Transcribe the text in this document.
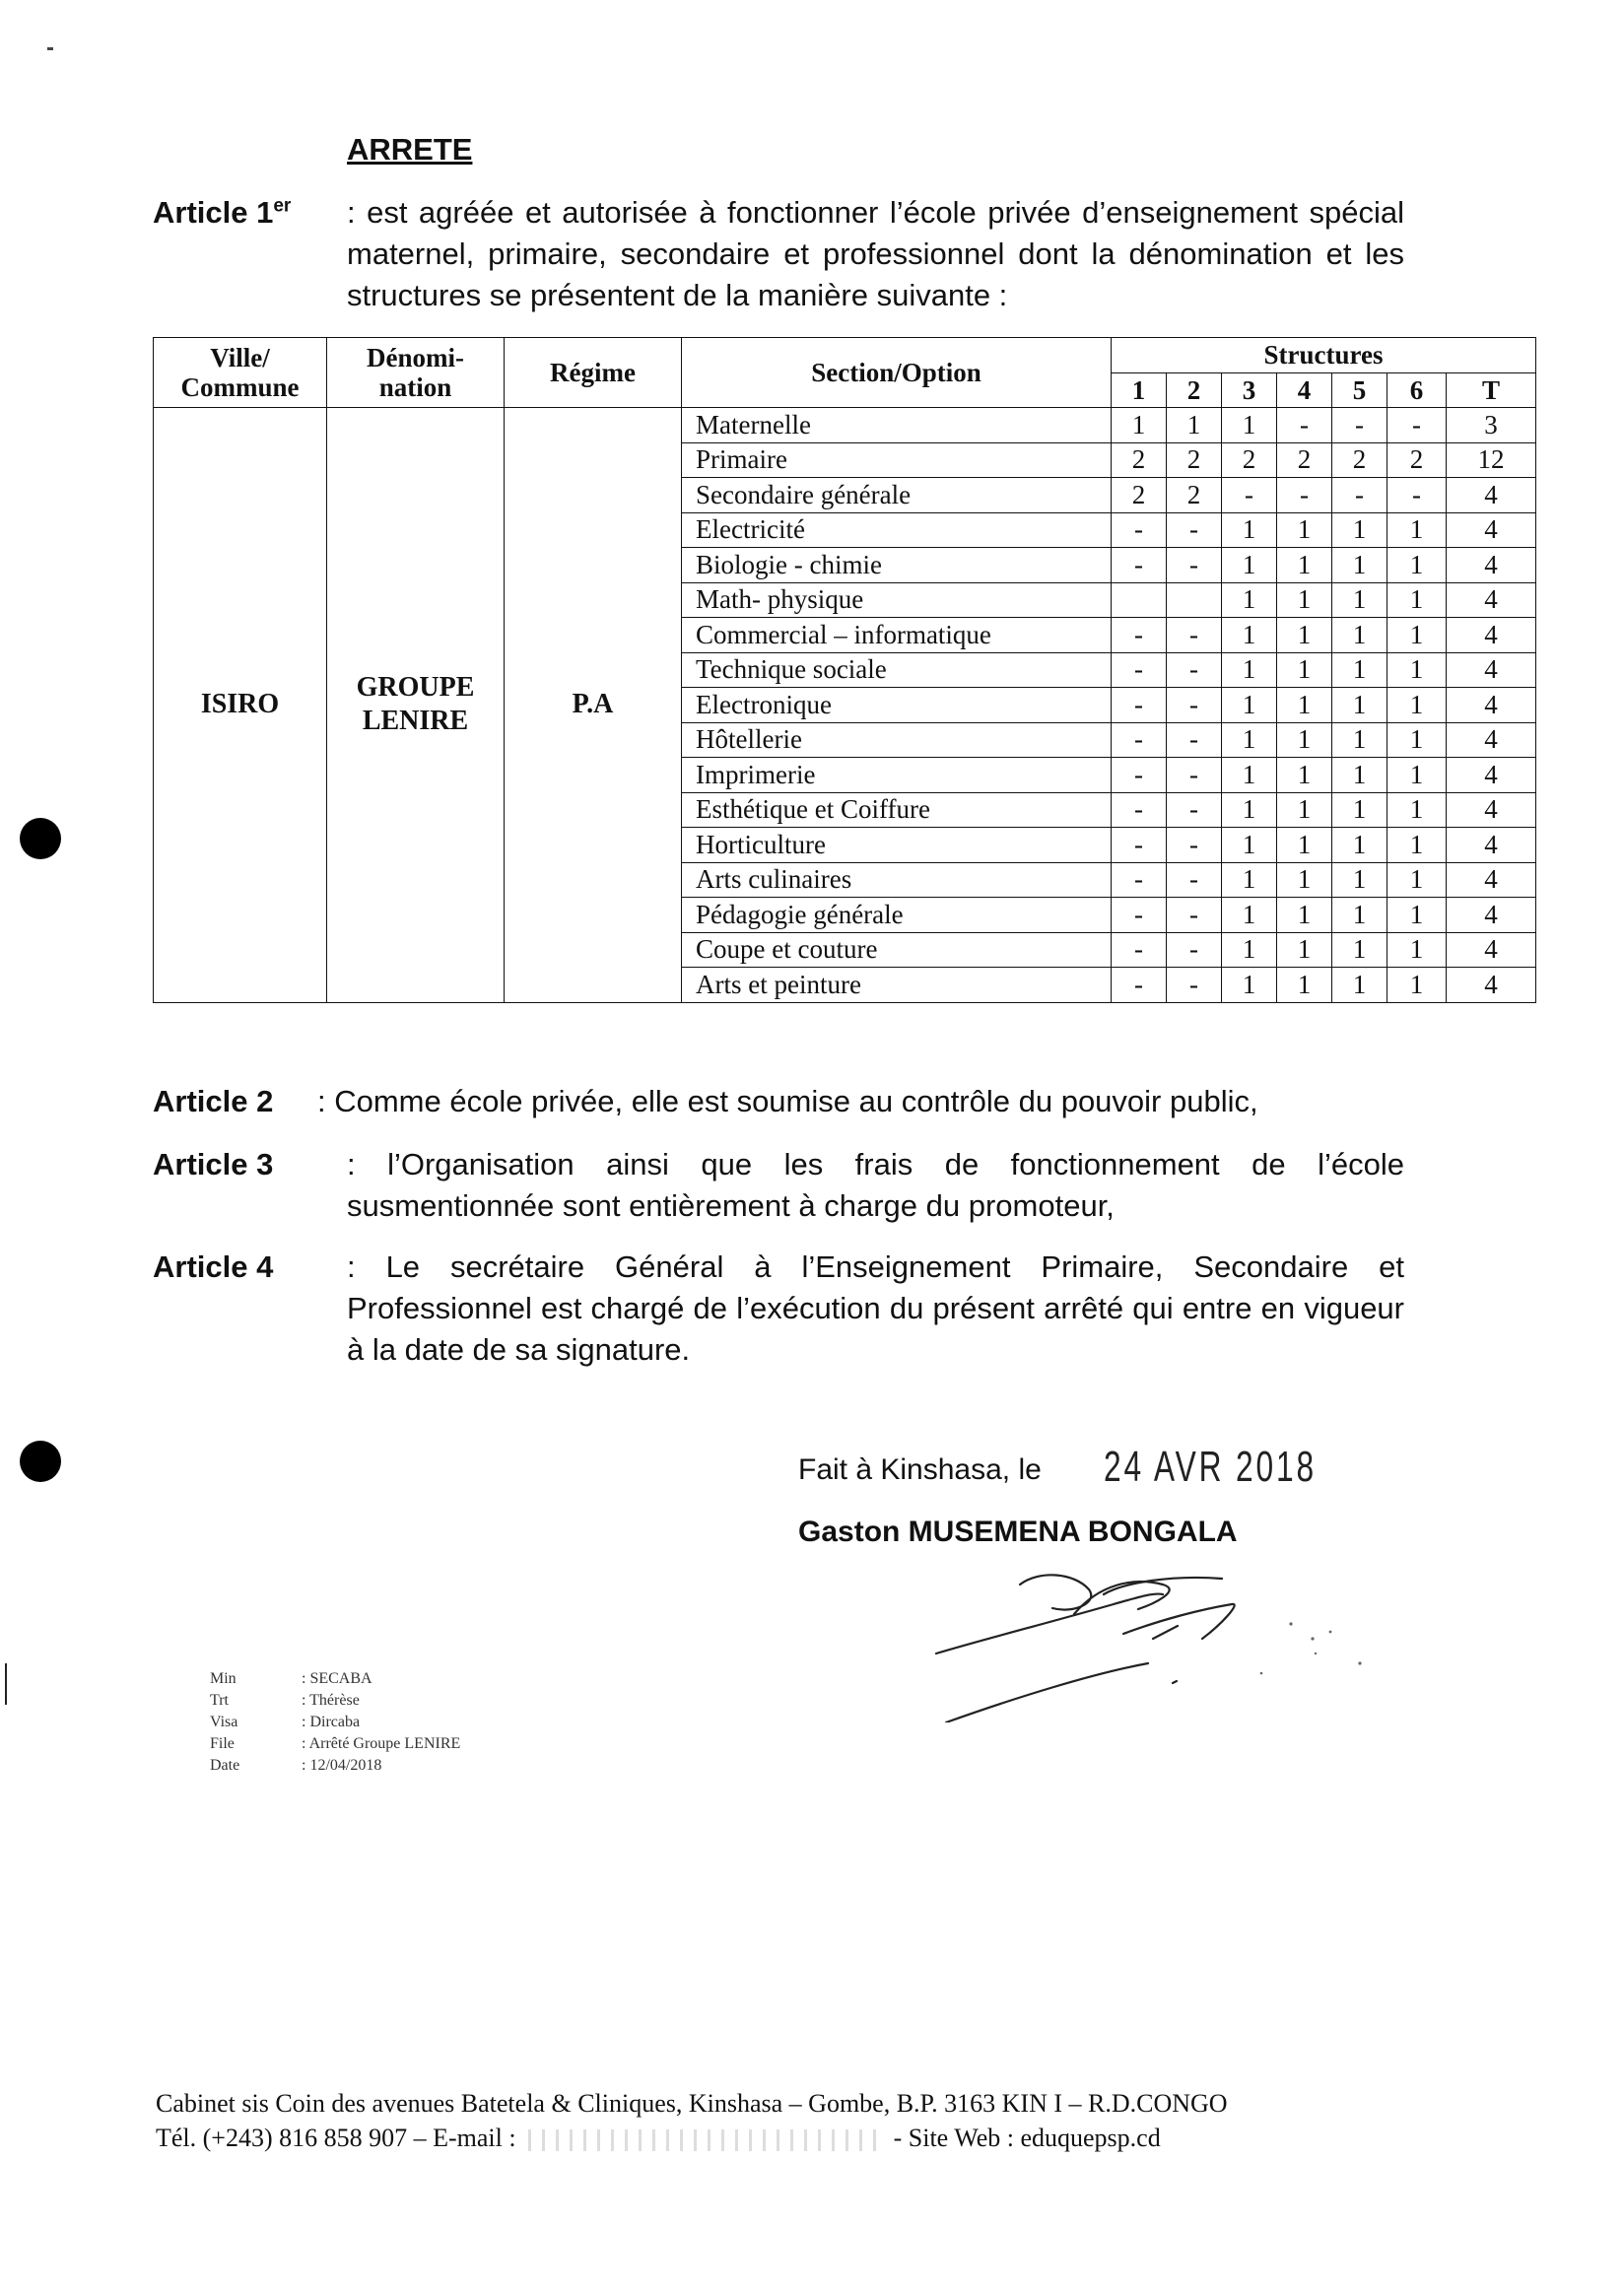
ARRETE
Article 1er : est agréée et autorisée à fonctionner l’école privée d’enseignement spécial maternel, primaire, secondaire et professionnel dont la dénomination et les structures se présentent de la manière suivante :
Ville/ Commune	Dénomi- nation	Régime	Section/Option	Structures						
				1	2	3	4	5	6	T
ISIRO	GROUPE LENIRE	P.A	Maternelle	1	1	1	-	-	-	3
			Primaire	2	2	2	2	2	2	12
			Secondaire générale	2	2	-	-	-	-	4
			Electricité	-	-	1	1	1	1	4
			Biologie - chimie	-	-	1	1	1	1	4
			Math- physique			1	1	1	1	4
			Commercial – informatique	-	-	1	1	1	1	4
			Technique sociale	-	-	1	1	1	1	4
			Electronique	-	-	1	1	1	1	4
			Hôtellerie	-	-	1	1	1	1	4
			Imprimerie	-	-	1	1	1	1	4
			Esthétique et Coiffure	-	-	1	1	1	1	4
			Horticulture	-	-	1	1	1	1	4
			Arts culinaires	-	-	1	1	1	1	4
			Pédagogie générale	-	-	1	1	1	1	4
			Coupe et couture	-	-	1	1	1	1	4
			Arts et peinture	-	-	1	1	1	1	4
Article 2 : Comme école privée, elle est soumise au contrôle du pouvoir public,
Article 3 : l’Organisation ainsi que les frais de fonctionnement de l’école susmentionnée sont entièrement à charge du promoteur,
Article 4 : Le secrétaire Général à l’Enseignement Primaire, Secondaire et Professionnel est chargé de l’exécution du présent arrêté qui entre en vigueur à la date de sa signature.
Fait à Kinshasa, le 24 AVR 2018
Gaston MUSEMENA BONGALA
Min	: SECABA
Trt	: Thérèse
Visa	: Dircaba
File	: Arrêté Groupe LENIRE
Date	: 12/04/2018
Cabinet sis Coin des avenues Batetela & Cliniques, Kinshasa – Gombe, B.P. 3163 KIN I – R.D.CONGO
Tél. (+243) 816 858 907 – E-mail :	- Site Web : eduquepsp.cd
